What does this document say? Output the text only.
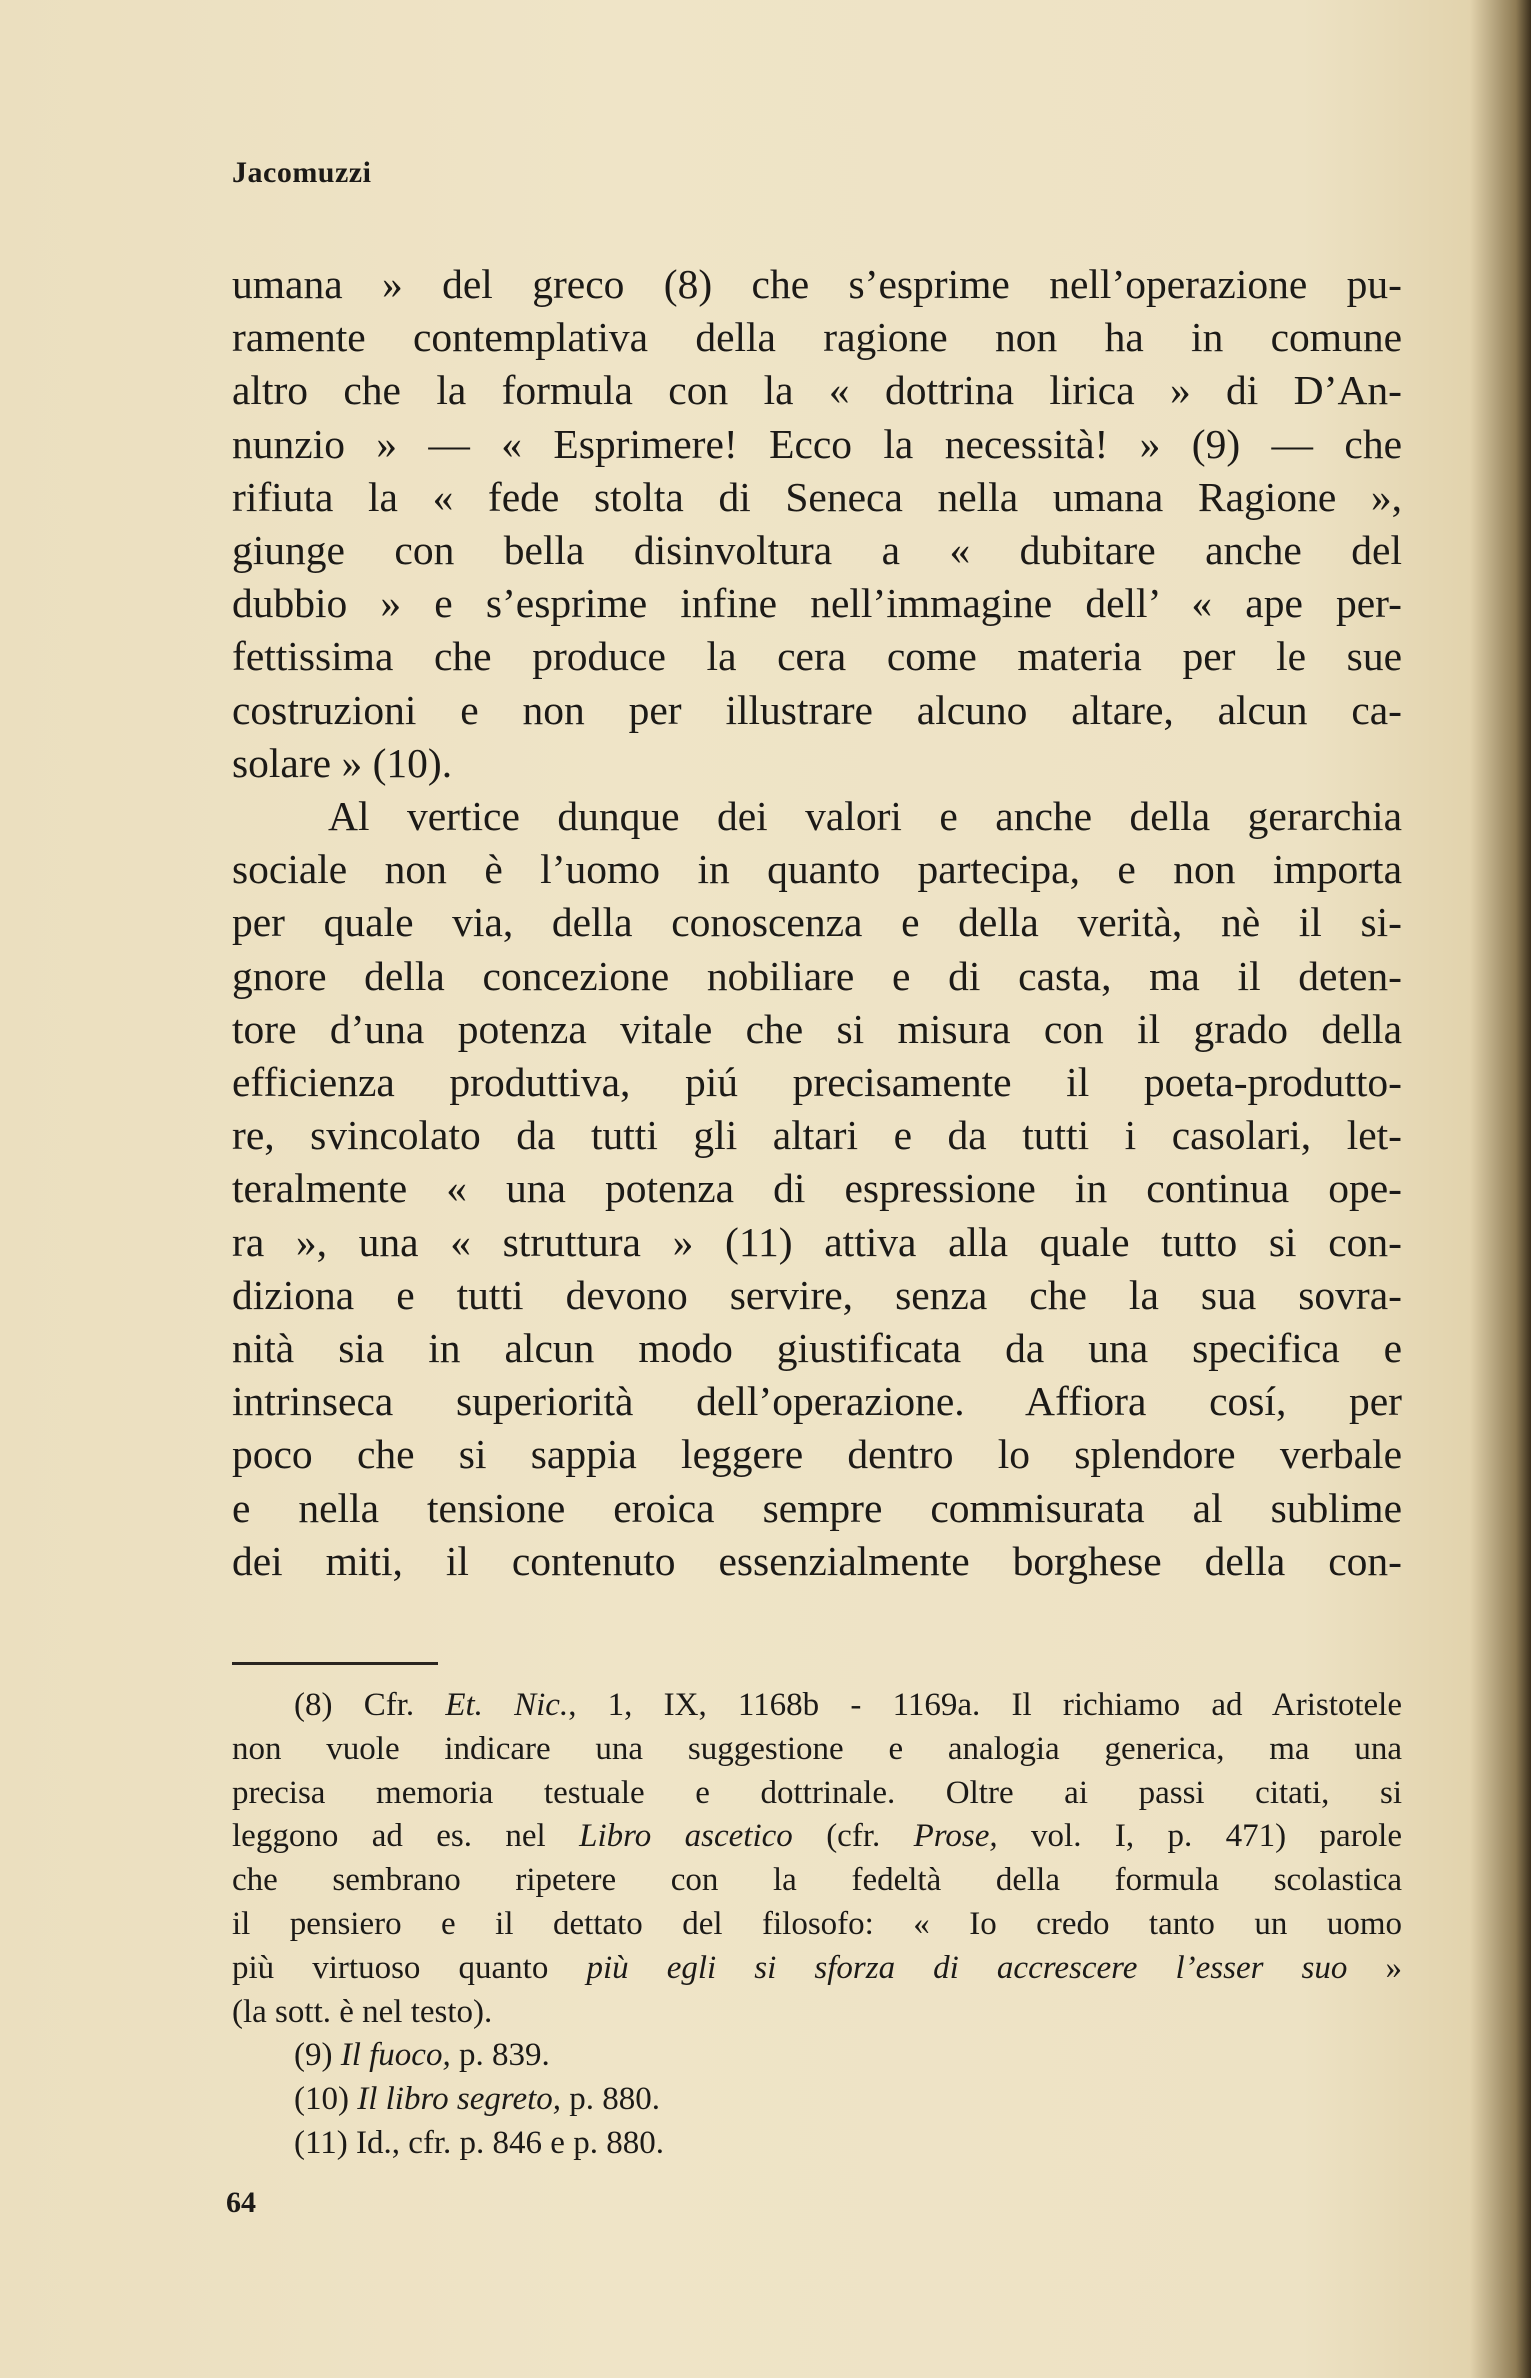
Jacomuzzi
umana » del greco (8) che s’esprime nell’operazione pu-
ramente contemplativa della ragione non ha in comune
altro che la formula con la « dottrina lirica » di D’An-
nunzio » — « Esprimere! Ecco la necessità! » (9) — che
rifiuta la « fede stolta di Seneca nella umana Ragione »,
giunge con bella disinvoltura a « dubitare anche del
dubbio » e s’esprime infine nell’immagine dell’ « ape per-
fettissima che produce la cera come materia per le sue
costruzioni e non per illustrare alcuno altare, alcun ca-
solare » (10).
Al vertice dunque dei valori e anche della gerarchia
sociale non è l’uomo in quanto partecipa, e non importa
per quale via, della conoscenza e della verità, nè il si-
gnore della concezione nobiliare e di casta, ma il deten-
tore d’una potenza vitale che si misura con il grado della
efficienza produttiva, piú precisamente il poeta-produtto-
re, svincolato da tutti gli altari e da tutti i casolari, let-
teralmente « una potenza di espressione in continua ope-
ra », una « struttura » (11) attiva alla quale tutto si con-
diziona e tutti devono servire, senza che la sua sovra-
nità sia in alcun modo giustificata da una specifica e
intrinseca superiorità dell’operazione. Affiora cosí, per
poco che si sappia leggere dentro lo splendore verbale
e nella tensione eroica sempre commisurata al sublime
dei miti, il contenuto essenzialmente borghese della con-
(8) Cfr. Et. Nic., 1, IX, 1168b - 1169a. Il richiamo ad Aristotele
non vuole indicare una suggestione e analogia generica, ma una
precisa memoria testuale e dottrinale. Oltre ai passi citati, si
leggono ad es. nel Libro ascetico (cfr. Prose, vol. I, p. 471) parole
che sembrano ripetere con la fedeltà della formula scolastica
il pensiero e il dettato del filosofo: « Io credo tanto un uomo
più virtuoso quanto più egli si sforza di accrescere l’esser suo »
(la sott. è nel testo).
(9) Il fuoco, p. 839.
(10) Il libro segreto, p. 880.
(11) Id., cfr. p. 846 e p. 880.
64
